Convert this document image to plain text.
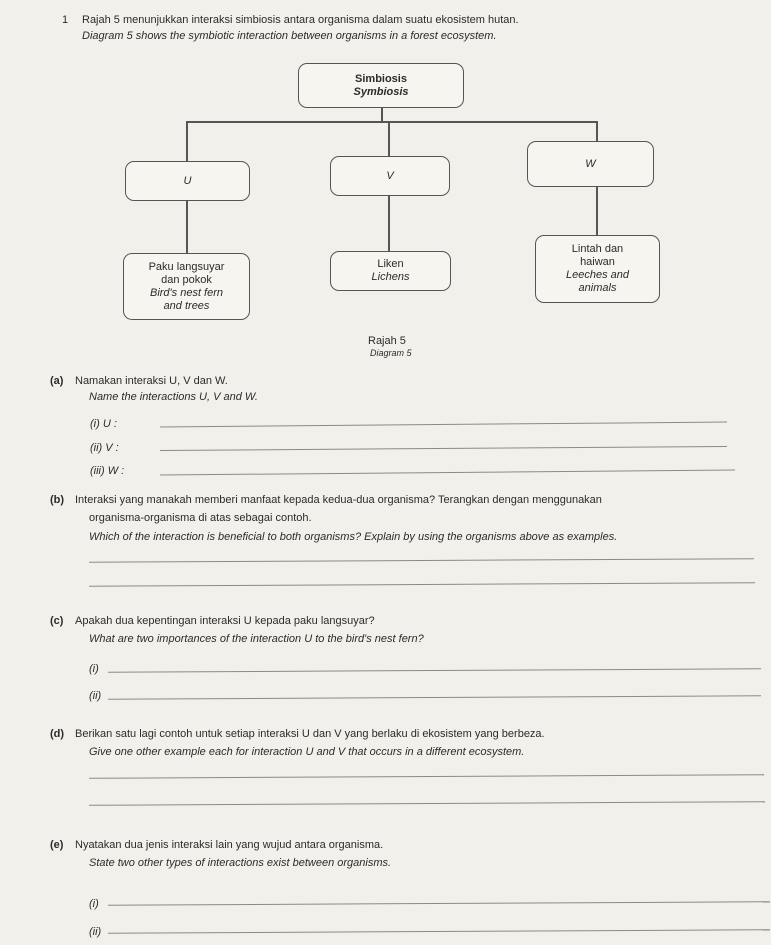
1 Rajah 5 menunjukkan interaksi simbiosis antara organisma dalam suatu ekosistem hutan.
Diagram 5 shows the symbiotic interaction between organisms in a forest ecosystem.
Simbiosis
Symbiosis
U	V
W
Paku langsuyar
dan pokok
Bird's nest fern
and trees
Liken
Lichens
Lintah dan
haiwan
Leeches and
animals
Rajah 5
Diagram 5
(a) Namakan interaksi U, V dan W.
Name the interactions U, V and W.
(i) U :
(ii) V :
(iii) W :
(b) Interaksi yang manakah memberi manfaat kepada kedua-dua organisma? Terangkan dengan menggunakan
organisma-organisma di atas sebagai contoh.
Which of the interaction is beneficial to both organisms? Explain by using the organisms above as examples.
(c) Apakah dua kepentingan interaksi U kepada paku langsuyar?
What are two importances of the interaction U to the bird's nest fern?
(i)
(ii)
(d) Berikan satu lagi contoh untuk setiap interaksi U dan V yang berlaku di ekosistem yang berbeza.
Give one other example each for interaction U and V that occurs in a different ecosystem.
(e) Nyatakan dua jenis interaksi lain yang wujud antara organisma.
State two other types of interactions exist between organisms.
(i)
(ii)
